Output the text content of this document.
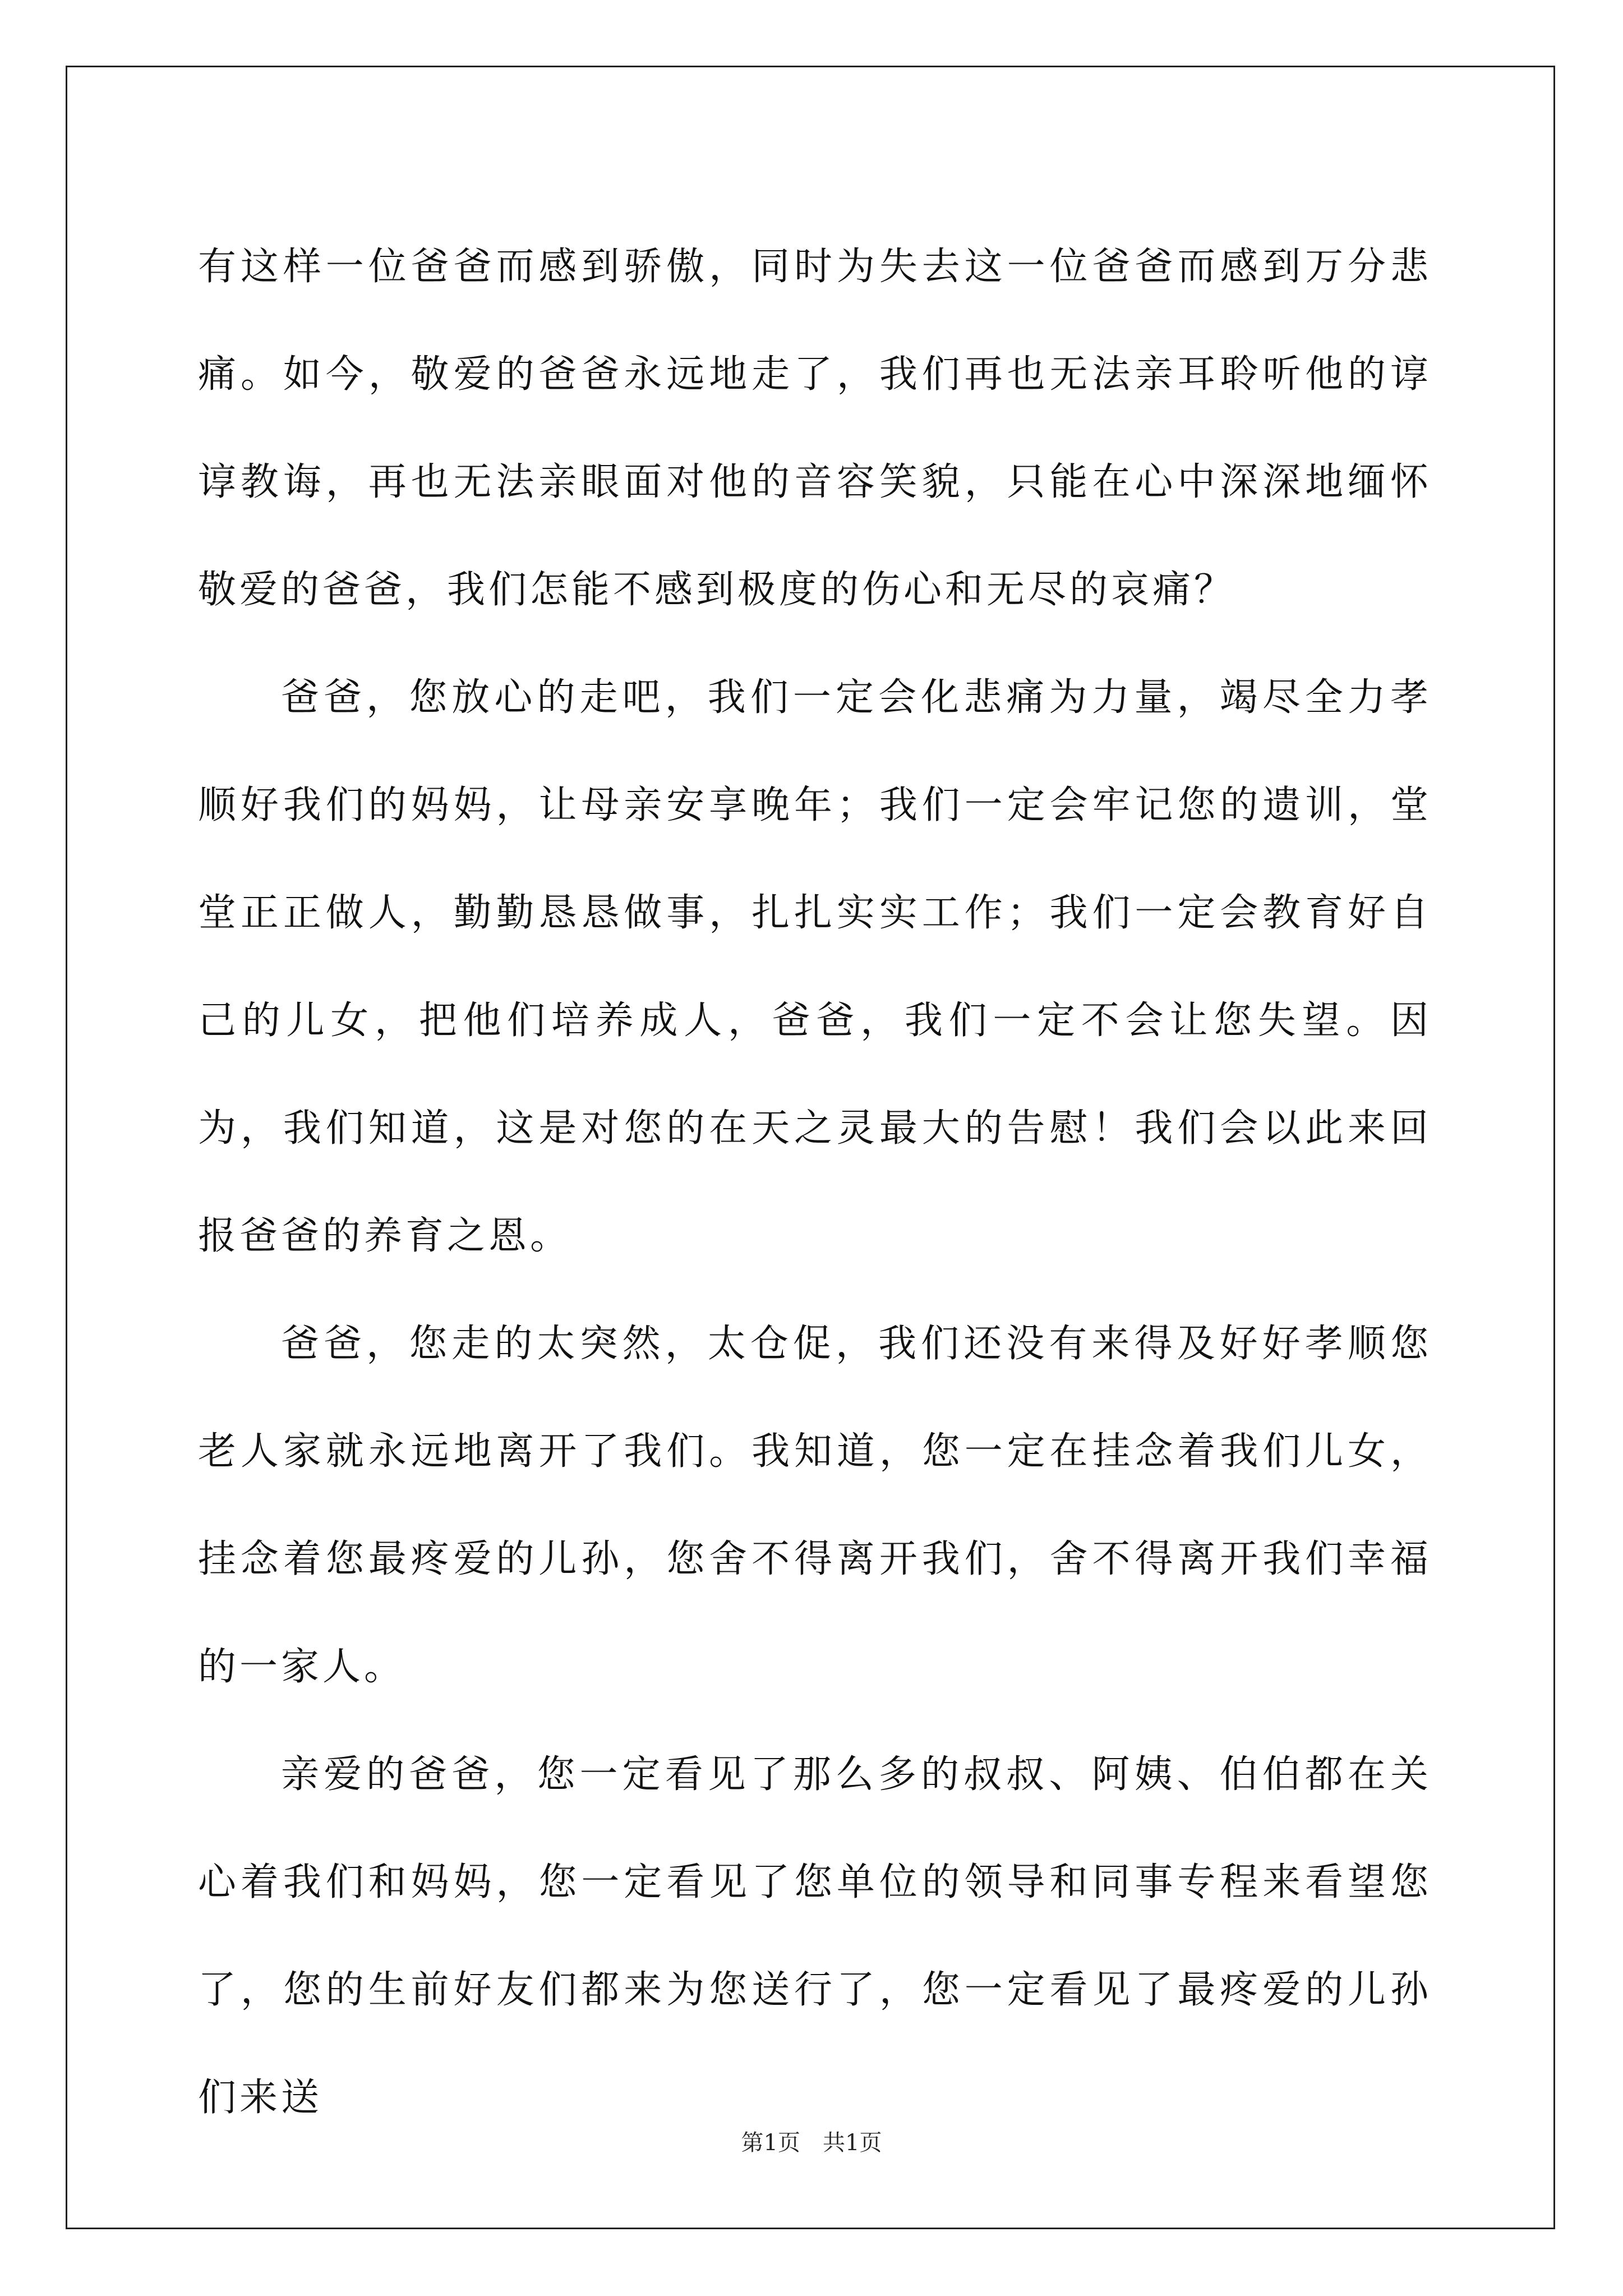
有这样一位爸爸而感到骄傲，同时为失去这一位爸爸而感到万分悲痛。如今，敬爱的爸爸永远地走了，我们再也无法亲耳聆听他的谆谆教诲，再也无法亲眼面对他的音容笑貌，只能在心中深深地缅怀敬爱的爸爸，我们怎能不感到极度的伤心和无尽的哀痛？

爸爸，您放心的走吧，我们一定会化悲痛为力量，竭尽全力孝顺好我们的妈妈，让母亲安享晚年；我们一定会牢记您的遗训，堂堂正正做人，勤勤恳恳做事，扎扎实实工作；我们一定会教育好自己的儿女，把他们培养成人，爸爸，我们一定不会让您失望。因为，我们知道，这是对您的在天之灵最大的告慰！我们会以此来回报爸爸的养育之恩。

爸爸，您走的太突然，太仓促，我们还没有来得及好好孝顺您老人家就永远地离开了我们。我知道，您一定在挂念着我们儿女，挂念着您最疼爱的儿孙，您舍不得离开我们，舍不得离开我们幸福的一家人。

亲爱的爸爸，您一定看见了那么多的叔叔、阿姨、伯伯都在关心着我们和妈妈，您一定看见了您单位的领导和同事专程来看望您了，您的生前好友们都来为您送行了，您一定看见了最疼爱的儿孙们来送

第1页　共1页
